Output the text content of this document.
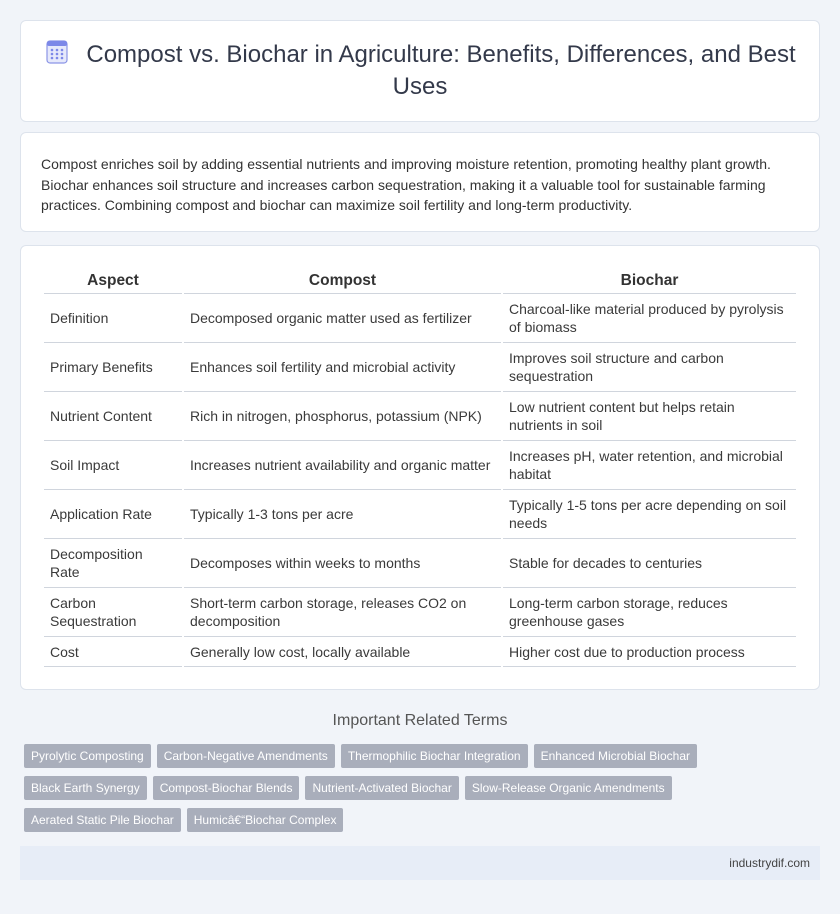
Compost vs. Biochar in Agriculture: Benefits, Differences, and Best Uses

Compost enriches soil by adding essential nutrients and improving moisture retention, promoting healthy plant growth. Biochar enhances soil structure and increases carbon sequestration, making it a valuable tool for sustainable farming practices. Combining compost and biochar can maximize soil fertility and long-term productivity.

Aspect	Compost	Biochar
Definition	Decomposed organic matter used as fertilizer	Charcoal-like material produced by pyrolysis of biomass
Primary Benefits	Enhances soil fertility and microbial activity	Improves soil structure and carbon sequestration
Nutrient Content	Rich in nitrogen, phosphorus, potassium (NPK)	Low nutrient content but helps retain nutrients in soil
Soil Impact	Increases nutrient availability and organic matter	Increases pH, water retention, and microbial habitat
Application Rate	Typically 1-3 tons per acre	Typically 1-5 tons per acre depending on soil needs
Decomposition Rate	Decomposes within weeks to months	Stable for decades to centuries
Carbon Sequestration	Short-term carbon storage, releases CO2 on decomposition	Long-term carbon storage, reduces greenhouse gases
Cost	Generally low cost, locally available	Higher cost due to production process
Important Related Terms
Pyrolytic Composting	Carbon-Negative Amendments	Thermophilic Biochar Integration	Enhanced Microbial Biochar
Black Earth Synergy	Compost-Biochar Blends	Nutrient-Activated Biochar	Slow-Release Organic Amendments
Aerated Static Pile Biochar	Humicâ€“Biochar Complex
industrydif.com
